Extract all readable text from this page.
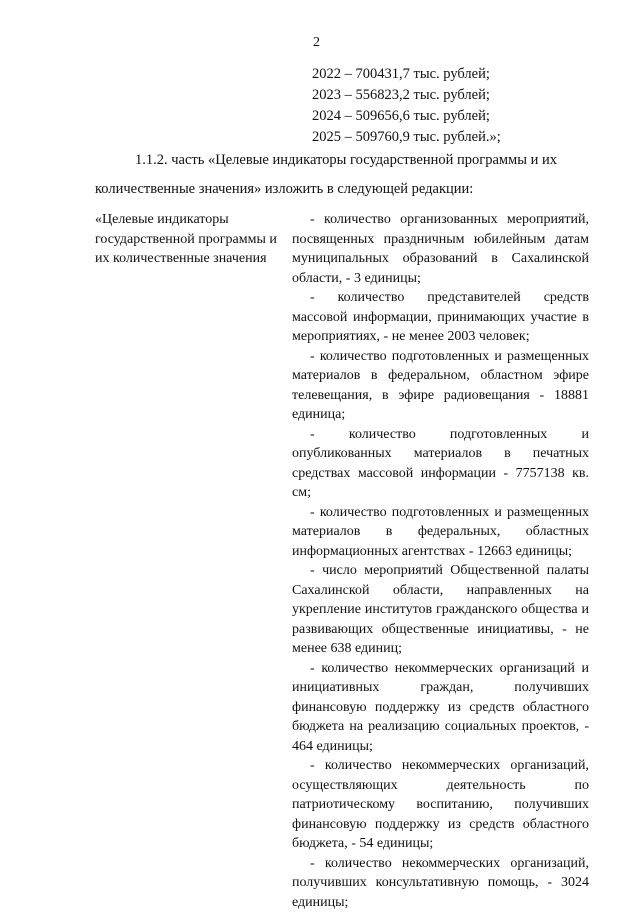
2
2022 – 700431,7 тыс. рублей;
2023 – 556823,2 тыс. рублей;
2024 – 509656,6 тыс. рублей;
2025 – 509760,9 тыс. рублей.»;
1.1.2. часть «Целевые индикаторы государственной программы и их
количественные значения» изложить в следующей редакции:
«Целевые индикаторы государственной программы и их количественные значения

- количество организованных мероприятий, посвященных праздничным юбилейным датам муниципальных образований в Сахалинской области, - 3 единицы;

- количество представителей средств массовой информации, принимающих участие в мероприятиях, - не менее 2003 человек;

- количество подготовленных и размещенных материалов в федеральном, областном эфире телевещания, в эфире радиовещания - 18881 единица;

- количество подготовленных и опубликованных материалов в печатных средствах массовой информации - 7757138 кв. см;

- количество подготовленных и размещенных материалов в федеральных, областных информационных агентствах - 12663 единицы;

- число мероприятий Общественной палаты Сахалинской области, направленных на укрепление институтов гражданского общества и развивающих общественные инициативы, - не менее 638 единиц;

- количество некоммерческих организаций и инициативных граждан, получивших финансовую поддержку из средств областного бюджета на реализацию социальных проектов, - 464 единицы;

- количество некоммерческих организаций, осуществляющих деятельность по патриотическому воспитанию, получивших финансовую поддержку из средств областного бюджета, - 54 единицы;

- количество некоммерческих организаций, получивших консультативную помощь, - 3024 единицы;
